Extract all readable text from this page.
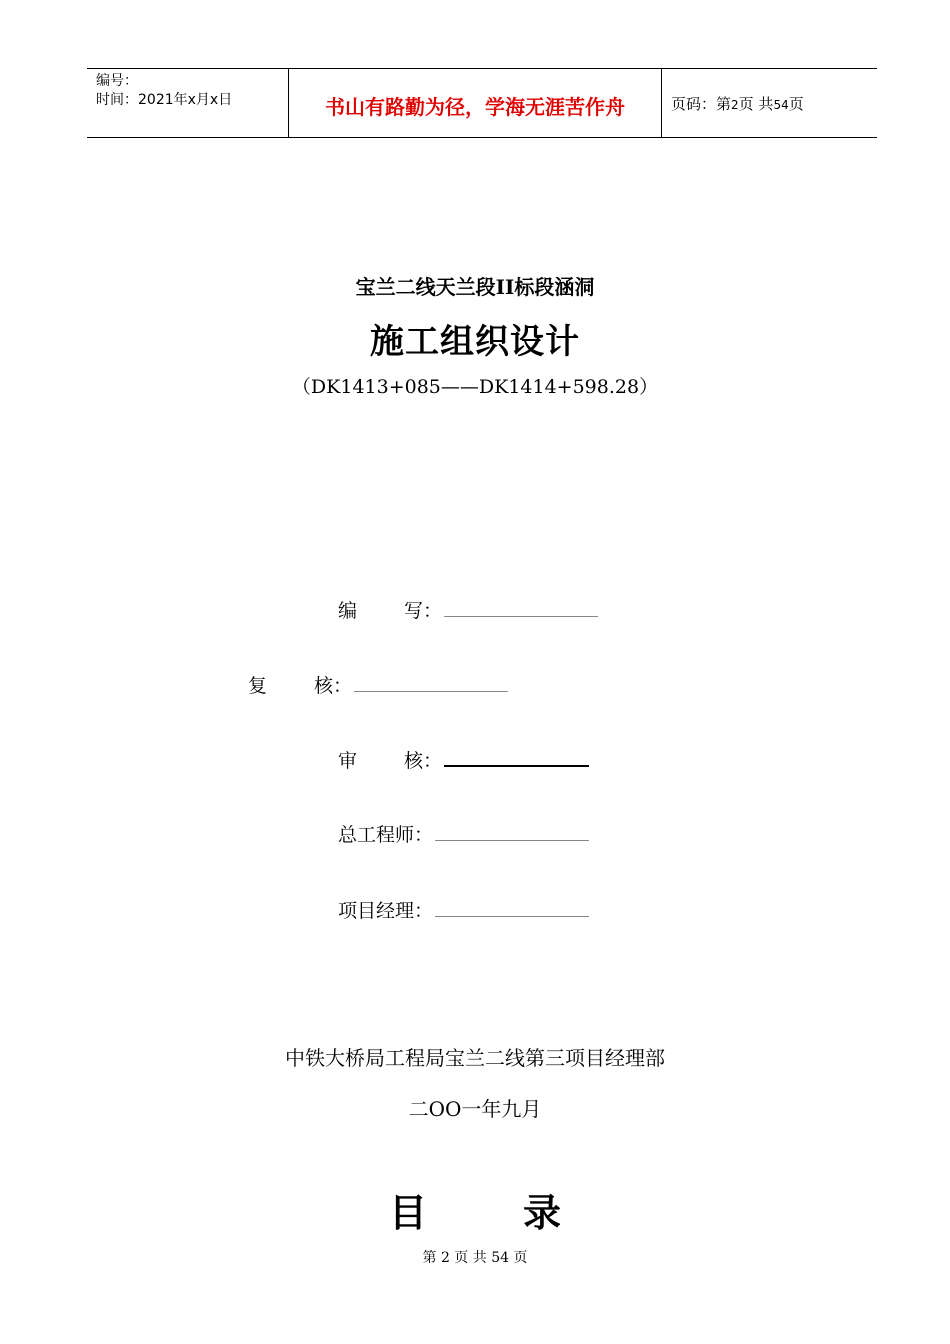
编号：
时间：2021年x月x日	书山有路勤为径，学海无涯苦作舟	页码：第2页 共54页
宝兰二线天兰段II标段涵洞
施工组织设计
（DK1413+085——DK1414+598.28）
编 写：
复 核：
审 核：
总工程师：
项目经理：
中铁大桥局工程局宝兰二线第三项目经理部
二OO一年九月
目	录
第 2 页 共 54 页
